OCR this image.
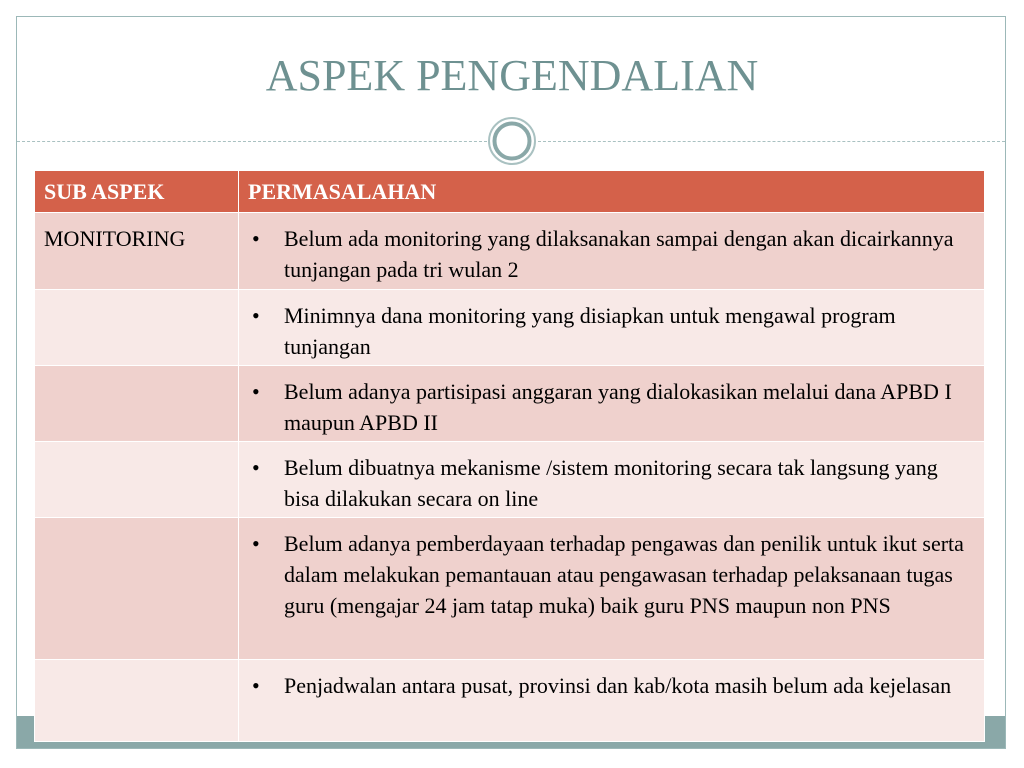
ASPEK PENGENDALIAN
SUB ASPEK	PERMASALAHAN
MONITORING	• Belum ada monitoring yang dilaksanakan sampai dengan akan dicairkannya tunjangan pada tri wulan 2

	• Minimnya dana monitoring yang disiapkan untuk mengawal program tunjangan

	• Belum adanya partisipasi anggaran yang dialokasikan melalui dana APBD I maupun APBD II

	• Belum dibuatnya mekanisme /sistem monitoring secara tak langsung yang bisa dilakukan secara on line

	• Belum adanya pemberdayaan terhadap pengawas dan penilik untuk ikut serta dalam melakukan pemantauan atau pengawasan terhadap pelaksanaan tugas guru (mengajar 24 jam tatap muka) baik guru PNS maupun non PNS

	• Penjadwalan antara pusat, provinsi dan kab/kota masih belum ada kejelasan
